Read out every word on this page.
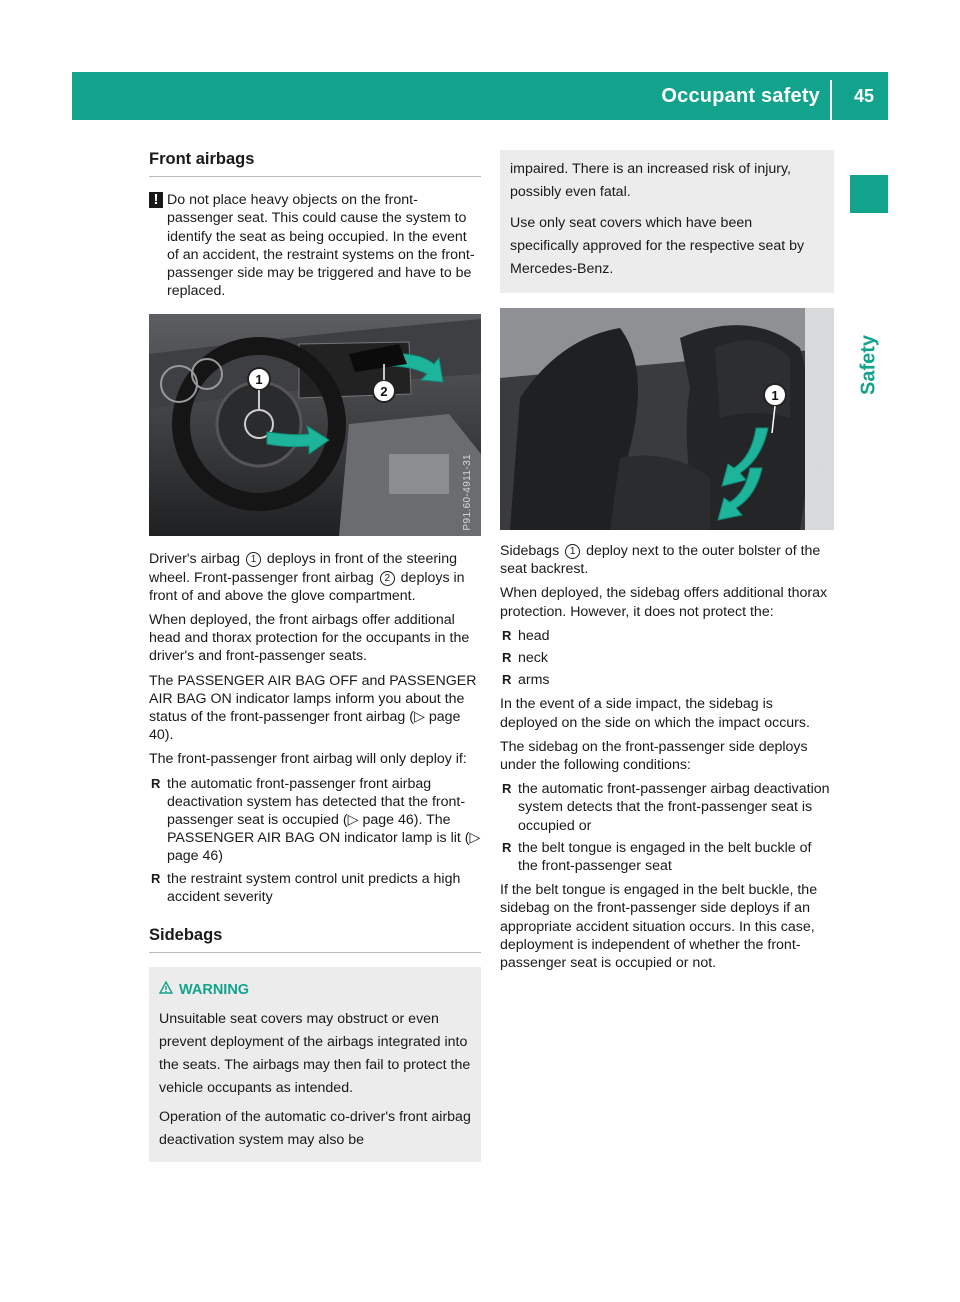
Occupant safety 45
Safety
Front airbags
! Do not place heavy objects on the front-passenger seat. This could cause the system to identify the seat as being occupied. In the event of an accident, the restraint systems on the front-passenger side may be triggered and have to be replaced.
1
2
P91.60-4911-31

Driver's airbag 1 deploys in front of the steering wheel. Front-passenger front airbag 2 deploys in front of and above the glove compartment.

When deployed, the front airbags offer additional head and thorax protection for the occupants in the driver's and front-passenger seats.

The PASSENGER AIR BAG OFF and PASSENGER AIR BAG ON indicator lamps inform you about the status of the front-passenger front airbag (▷ page 40).

The front-passenger front airbag will only deploy if:

R the automatic front-passenger front airbag deactivation system has detected that the front-passenger seat is occupied (▷ page 46). The PASSENGER AIR BAG ON indicator lamp is lit (▷ page 46)
R the restraint system control unit predicts a high accident severity
Sidebags
WARNING

Unsuitable seat covers may obstruct or even prevent deployment of the airbags integrated into the seats. The airbags may then fail to protect the vehicle occupants as intended.

Operation of the automatic co-driver's front airbag deactivation system may also be

impaired. There is an increased risk of injury, possibly even fatal.

Use only seat covers which have been specifically approved for the respective seat by Mercedes-Benz.

1
P91.60-4912-31

Sidebags 1 deploy next to the outer bolster of the seat backrest.

When deployed, the sidebag offers additional thorax protection. However, it does not protect the:

R head
R neck
R arms

In the event of a side impact, the sidebag is deployed on the side on which the impact occurs.

The sidebag on the front-passenger side deploys under the following conditions:

R the automatic front-passenger airbag deactivation system detects that the front-passenger seat is occupied or
R the belt tongue is engaged in the belt buckle of the front-passenger seat

If the belt tongue is engaged in the belt buckle, the sidebag on the front-passenger side deploys if an appropriate accident situation occurs. In this case, deployment is independent of whether the front-passenger seat is occupied or not.
